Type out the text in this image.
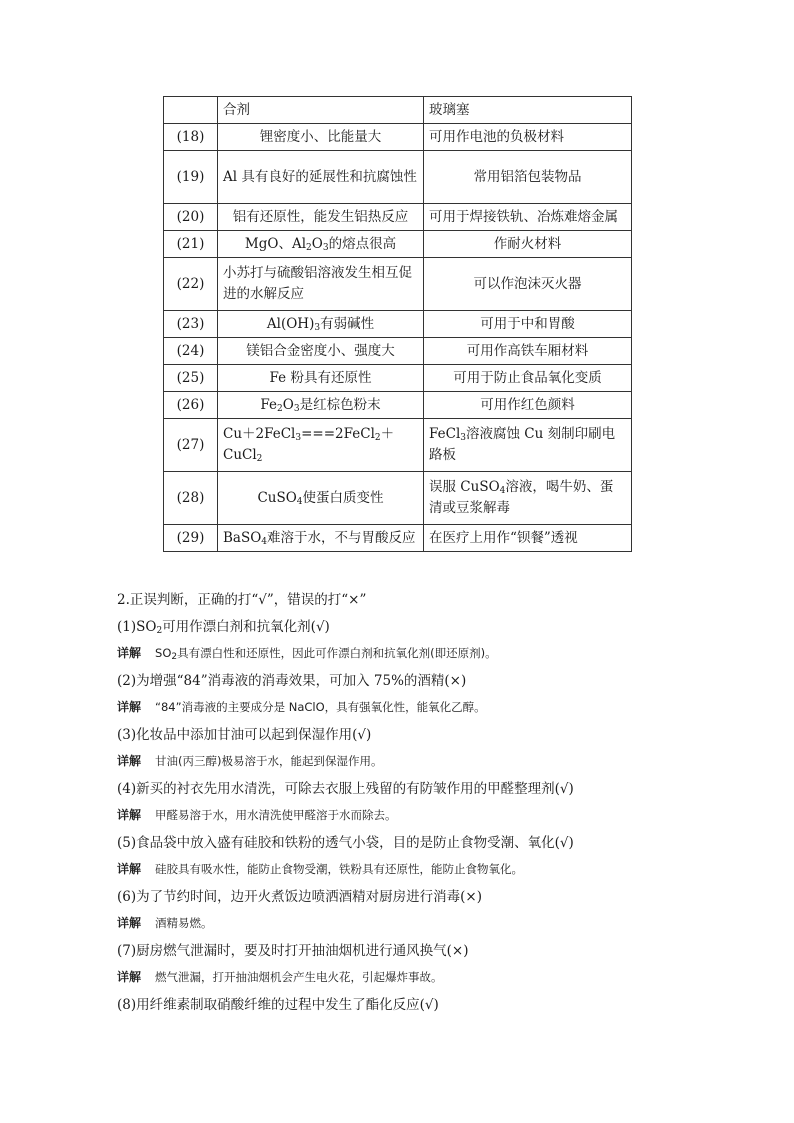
	合剂	玻璃塞
(18)	锂密度小、比能量大	可用作电池的负极材料
(19)	Al 具有良好的延展性和抗腐蚀性	常用铝箔包装物品
(20)	铝有还原性，能发生铝热反应	可用于焊接铁轨、冶炼难熔金属
(21)	MgO、$Al_2O_3$的熔点很高	作耐火材料
(22)	小苏打与硫酸铝溶液发生相互促进的水解反应	可以作泡沫灭火器
(23)	$Al(OH)_3$有弱碱性	可用于中和胃酸
(24)	镁铝合金密度小、强度大	可用作高铁车厢材料
(25)	Fe 粉具有还原性	可用于防止食品氧化变质
(26)	$Fe_2O_3$是红棕色粉末	可用作红色颜料
(27)	Cu＋2FeCl$_3$===2FeCl$_2$＋CuCl$_2$	FeCl$_3$溶液腐蚀 Cu 刻制印刷电路板
(28)	CuSO$_4$使蛋白质变性	误服 CuSO$_4$溶液，喝牛奶、蛋清或豆浆解毒
(29)	BaSO$_4$难溶于水，不与胃酸反应	在医疗上用作“钡餐”透视
2.正误判断，正确的打“√”，错误的打“×”
$(1)SO_2$可用作漂白剂和抗氧化剂(√)
详解 $SO_2$具有漂白性和还原性，因此可作漂白剂和抗氧化剂(即还原剂)。
(2)为增强“84”消毒液的消毒效果，可加入 75%的酒精(×)
详解 “84”消毒液的主要成分是 NaClO，具有强氧化性，能氧化乙醇。
(3)化妆品中添加甘油可以起到保湿作用(√)
详解 甘油(丙三醇)极易溶于水，能起到保湿作用。
(4)新买的衬衣先用水清洗，可除去衣服上残留的有防皱作用的甲醛整理剂(√)
详解 甲醛易溶于水，用水清洗使甲醛溶于水而除去。
(5)食品袋中放入盛有硅胶和铁粉的透气小袋，目的是防止食物受潮、氧化(√)
详解 硅胶具有吸水性，能防止食物受潮，铁粉具有还原性，能防止食物氧化。
(6)为了节约时间，边开火煮饭边喷洒酒精对厨房进行消毒(×)
详解 酒精易燃。
(7)厨房燃气泄漏时，要及时打开抽油烟机进行通风换气(×)
详解 燃气泄漏，打开抽油烟机会产生电火花，引起爆炸事故。
(8)用纤维素制取硝酸纤维的过程中发生了酯化反应(√)
